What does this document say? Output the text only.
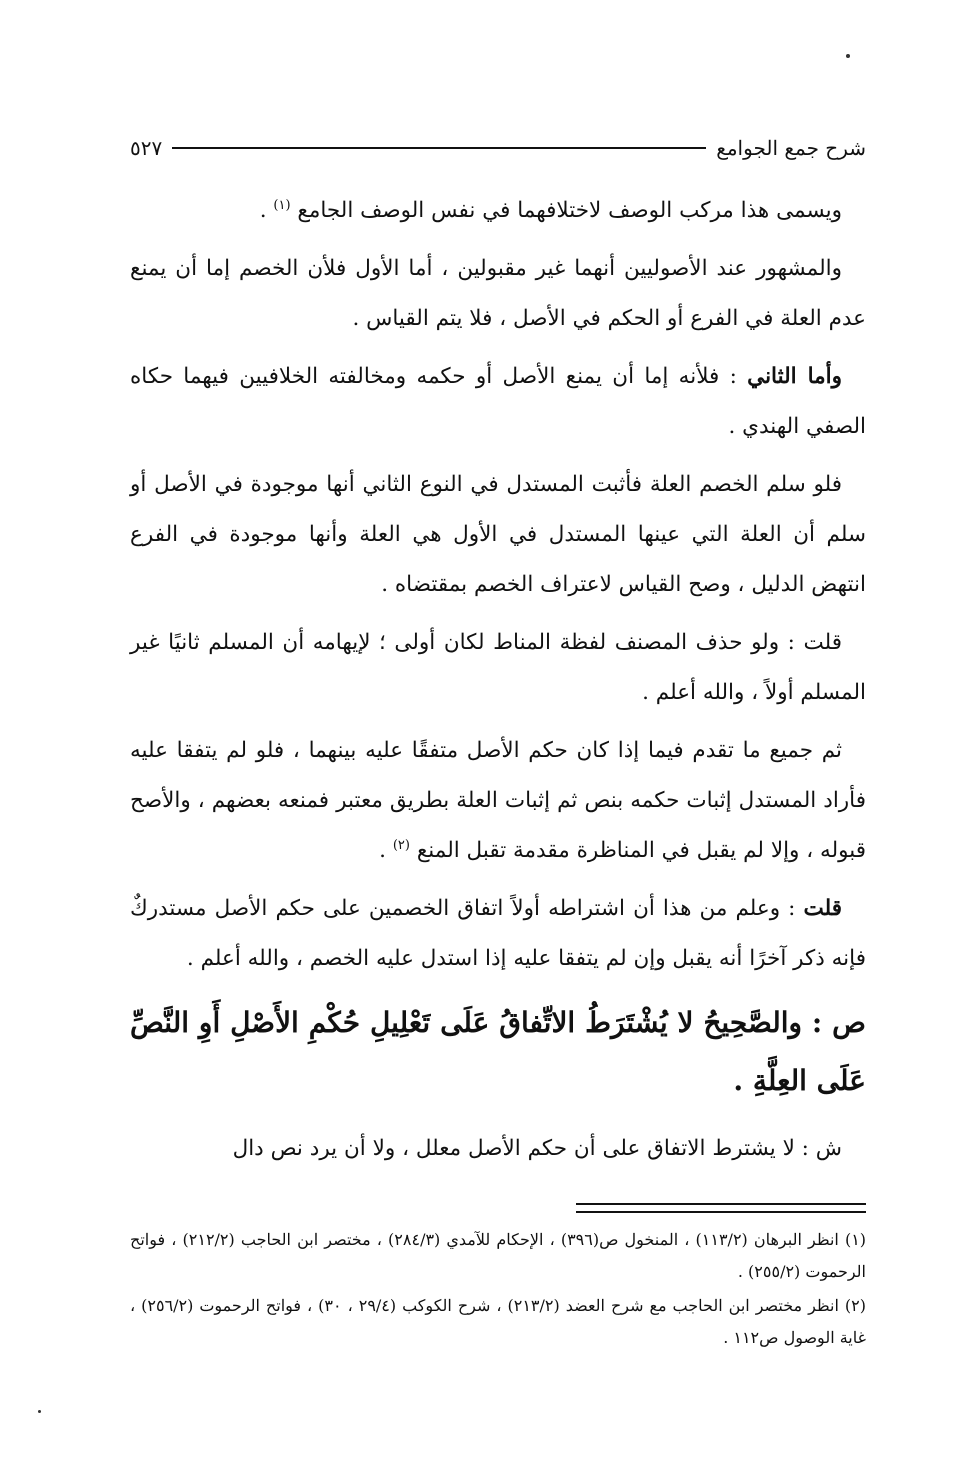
شرح جمع الجوامع
٥٢٧

ويسمى هذا مركب الوصف لاختلافهما في نفس الوصف الجامع $^{(١)}$ .

والمشهور عند الأصوليين أنهما غير مقبولين ، أما الأول فلأن الخصم إما أن يمنع عدم العلة في الفرع أو الحكم في الأصل ، فلا يتم القياس .

وأما الثاني : فلأنه إما أن يمنع الأصل أو حكمه ومخالفته الخلافيين فيهما حكاه الصفي الهندي .

فلو سلم الخصم العلة فأثبت المستدل في النوع الثاني أنها موجودة في الأصل أو سلم أن العلة التي عينها المستدل في الأول هي العلة وأنها موجودة في الفرع انتهض الدليل ، وصح القياس لاعتراف الخصم بمقتضاه .

قلت : ولو حذف المصنف لفظة المناط لكان أولى ؛ لإيهامه أن المسلم ثانيًا غير المسلم أولاً ، والله أعلم .

ثم جميع ما تقدم فيما إذا كان حكم الأصل متفقًا عليه بينهما ، فلو لم يتفقا عليه فأراد المستدل إثبات حكمه بنص ثم إثبات العلة بطريق معتبر فمنعه بعضهم ، والأصح قبوله ، وإلا لم يقبل في المناظرة مقدمة تقبل المنع $^{(٢)}$ .

قلت : وعلم من هذا أن اشتراطه أولاً اتفاق الخصمين على حكم الأصل مستدركٌ فإنه ذكر آخرًا أنه يقبل وإن لم يتفقا عليه إذا استدل عليه الخصم ، والله أعلم .

ص : والصَّحِيحُ لا يُشْتَرَطُ الاتِّفاقُ عَلَى تَعْلِيلِ حُكْمِ الأَصْلِ أَوِ النَّصِّ عَلَى العِلَّةِ .

ش : لا يشترط الاتفاق على أن حكم الأصل معلل ، ولا أن يرد نص دال

(١) انظر البرهان (١١٣/٢) ، المنخول ص(٣٩٦) ، الإحكام للآمدي (٢٨٤/٣) ، مختصر ابن الحاجب (٢١٢/٢) ، فواتح الرحموت (٢٥٥/٢) .

(٢) انظر مختصر ابن الحاجب مع شرح العضد (٢١٣/٢) ، شرح الكوكب (٢٩/٤ ، ٣٠) ، فواتح الرحموت (٢٥٦/٢) ، غاية الوصول ص١١٢ .
